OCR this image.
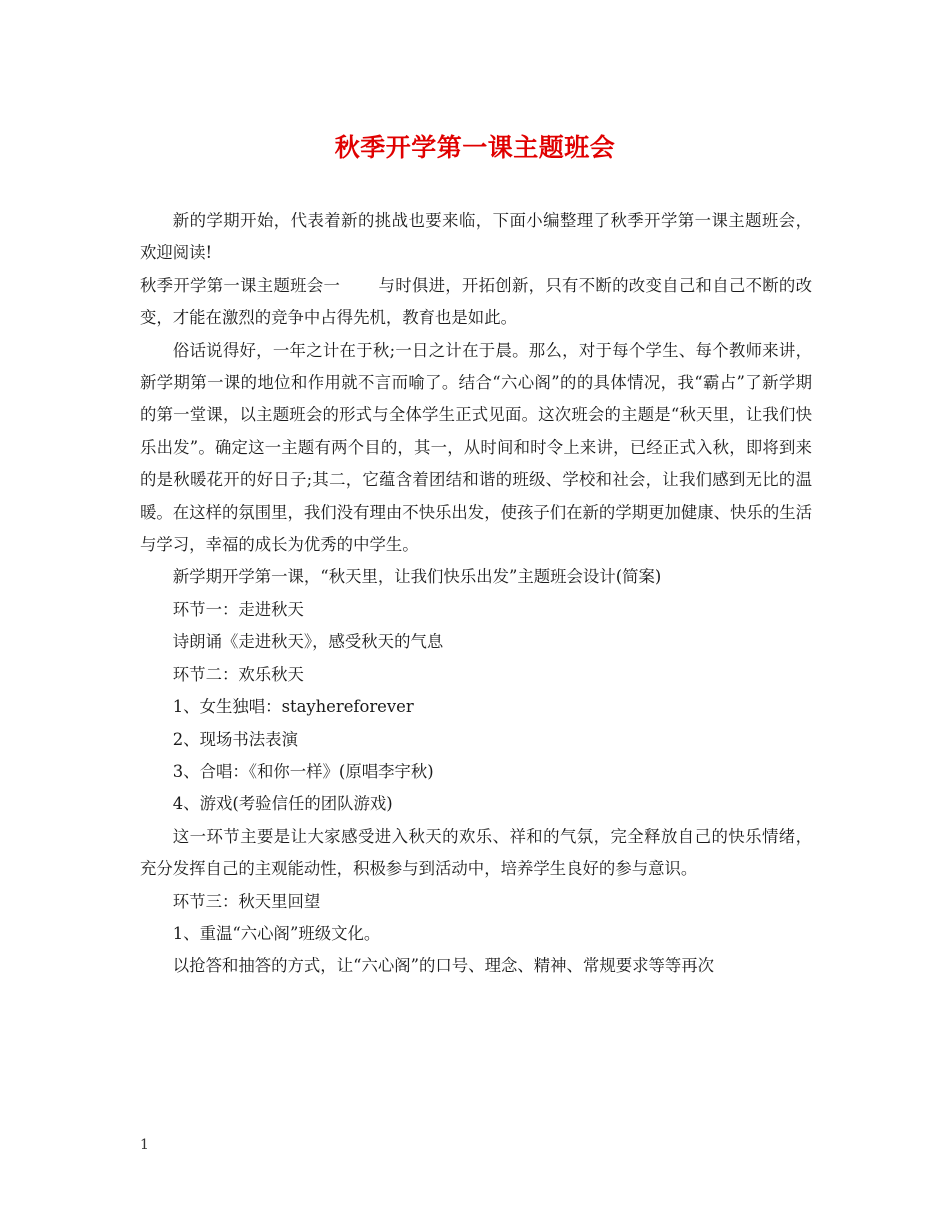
秋季开学第一课主题班会

新的学期开始，代表着新的挑战也要来临，下面小编整理了秋季开学第一课主题班会，欢迎阅读!

秋季开学第一课主题班会一 与时俱进，开拓创新，只有不断的改变自己和自己不断的改变，才能在激烈的竞争中占得先机，教育也是如此。

俗话说得好，一年之计在于秋;一日之计在于晨。那么，对于每个学生、每个教师来讲，新学期第一课的地位和作用就不言而喻了。结合“六心阁”的的具体情况，我“霸占”了新学期的第一堂课，以主题班会的形式与全体学生正式见面。这次班会的主题是“秋天里，让我们快乐出发”。确定这一主题有两个目的，其一，从时间和时令上来讲，已经正式入秋，即将到来的是秋暖花开的好日子;其二，它蕴含着团结和谐的班级、学校和社会，让我们感到无比的温暖。在这样的氛围里，我们没有理由不快乐出发，使孩子们在新的学期更加健康、快乐的生活与学习，幸福的成长为优秀的中学生。

新学期开学第一课，“秋天里，让我们快乐出发”主题班会设计(简案)

环节一：走进秋天

诗朗诵《走进秋天》，感受秋天的气息

环节二：欢乐秋天

1、女生独唱：stayhereforever

2、现场书法表演

3、合唱：《和你一样》(原唱李宇秋)

4、游戏(考验信任的团队游戏)

这一环节主要是让大家感受进入秋天的欢乐、祥和的气氛，完全释放自己的快乐情绪，充分发挥自己的主观能动性，积极参与到活动中，培养学生良好的参与意识。

环节三：秋天里回望

1、重温“六心阁”班级文化。

以抢答和抽答的方式，让“六心阁”的口号、理念、精神、常规要求等等再次

1
